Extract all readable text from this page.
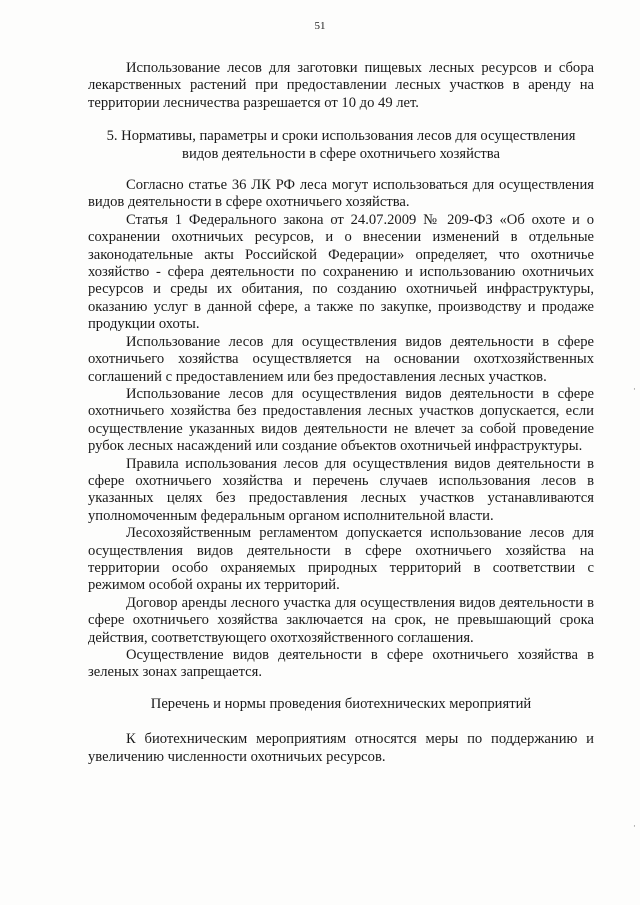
51

Использование лесов для заготовки пищевых лесных ресурсов и сбора лекарственных растений при предоставлении лесных участков в аренду на территории лесничества разрешается от 10 до 49 лет.

5. Нормативы, параметры и сроки использования лесов для осуществления
видов деятельности в сфере охотничьего хозяйства

Согласно статье 36 ЛК РФ леса могут использоваться для осуществления видов деятельности в сфере охотничьего хозяйства.

Статья 1 Федерального закона от 24.07.2009 № 209-ФЗ «Об охоте и о сохранении охотничьих ресурсов, и о внесении изменений в отдельные законодательные акты Российской Федерации» определяет, что охотничье хозяйство - сфера деятельности по сохранению и использованию охотничьих ресурсов и среды их обитания, по созданию охотничьей инфраструктуры, оказанию услуг в данной сфере, а также по закупке, производству и продаже продукции охоты.

Использование лесов для осуществления видов деятельности в сфере охотничьего хозяйства осуществляется на основании охотхозяйственных соглашений с предоставлением или без предоставления лесных участков.

Использование лесов для осуществления видов деятельности в сфере охотничьего хозяйства без предоставления лесных участков допускается, если осуществление указанных видов деятельности не влечет за собой проведение рубок лесных насаждений или создание объектов охотничьей инфраструктуры.

Правила использования лесов для осуществления видов деятельности в сфере охотничьего хозяйства и перечень случаев использования лесов в указанных целях без предоставления лесных участков устанавливаются уполномоченным федеральным органом исполнительной власти.

Лесохозяйственным регламентом допускается использование лесов для осуществления видов деятельности в сфере охотничьего хозяйства на территории особо охраняемых природных территорий в соответствии с режимом особой охраны их территорий.

Договор аренды лесного участка для осуществления видов деятельности в сфере охотничьего хозяйства заключается на срок, не превышающий срока действия, соответствующего охотхозяйственного соглашения.

Осуществление видов деятельности в сфере охотничьего хозяйства в зеленых зонах запрещается.

Перечень и нормы проведения биотехнических мероприятий

К биотехническим мероприятиям относятся меры по поддержанию и увеличению численности охотничьих ресурсов.

·
·
